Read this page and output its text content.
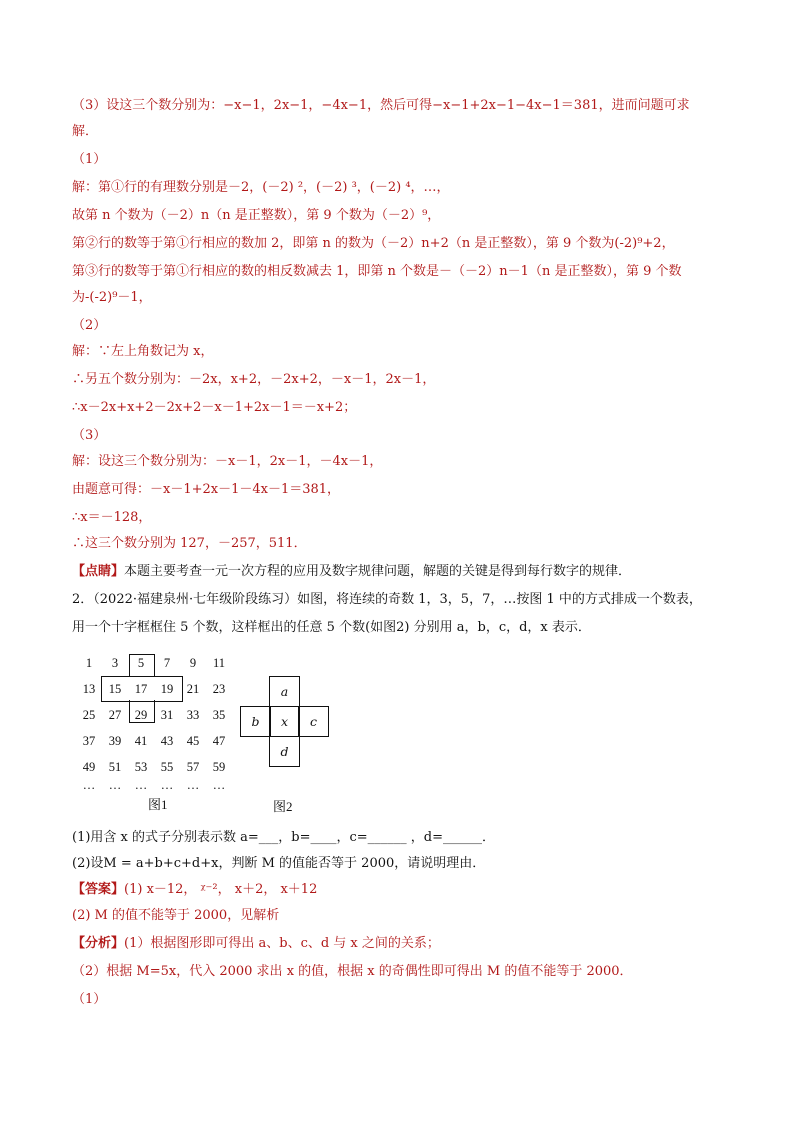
（3）设这三个数分别为：−x−1，2x−1，−4x−1，然后可得−x−1+2x−1−4x−1＝381，进而问题可求
解．
（1）
解：第①行的有理数分别是－2，(－2) ²，(－2) ³，(－2) ⁴，…，
故第 n 个数为（－2）n（n 是正整数），第 9 个数为（－2）⁹，
第②行的数等于第①行相应的数加 2，即第 n 的数为（－2）n+2（n 是正整数），第 9 个数为(-2)⁹+2，
第③行的数等于第①行相应的数的相反数减去 1，即第 n 个数是－（－2）n－1（n 是正整数），第 9 个数
为-(-2)⁹－1，
（2）
解：∵左上角数记为 x，
∴另五个数分别为：－2x，x+2，－2x+2，－x－1，2x－1，
∴x－2x+x+2－2x+2－x－1+2x－1＝－x+2；
（3）
解：设这三个数分别为：－x－1，2x－1，－4x－1，
由题意可得：－x－1+2x－1－4x－1＝381，
∴x＝－128，
∴这三个数分别为 127，－257，511．
【点睛】本题主要考查一元一次方程的应用及数字规律问题，解题的关键是得到每行数字的规律．
2．（2022·福建泉州·七年级阶段练习）如图，将连续的奇数 1，3，5，7，…按图 1 中的方式排成一个数表，
用一个十字框框住 5 个数，这样框出的任意 5 个数(如图2) 分别用 a，b，c，d，x 表示．
1	3	5	7	9	11
13	15	17	19	21	23
25	27	29	31	33	35
37	39	41	43	45	47
49	51	53	55	57	59
…	…	…	…	…	…
图1
a
b	x	c
d
图2
(1)用含 x 的式子分别表示数 a=___，b=____，c=______ ，d=______．
(2)设M = a+b+c+d+x，判断 M 的值能否等于 2000，请说明理由．
【答案】(1) x－12， ᵡ⁻²， x＋2， x＋12
(2) M 的值不能等于 2000，见解析
【分析】(1）根据图形即可得出 a、b、c、d 与 x 之间的关系；
（2）根据 M=5x，代入 2000 求出 x 的值，根据 x 的奇偶性即可得出 M 的值不能等于 2000．
（1）
